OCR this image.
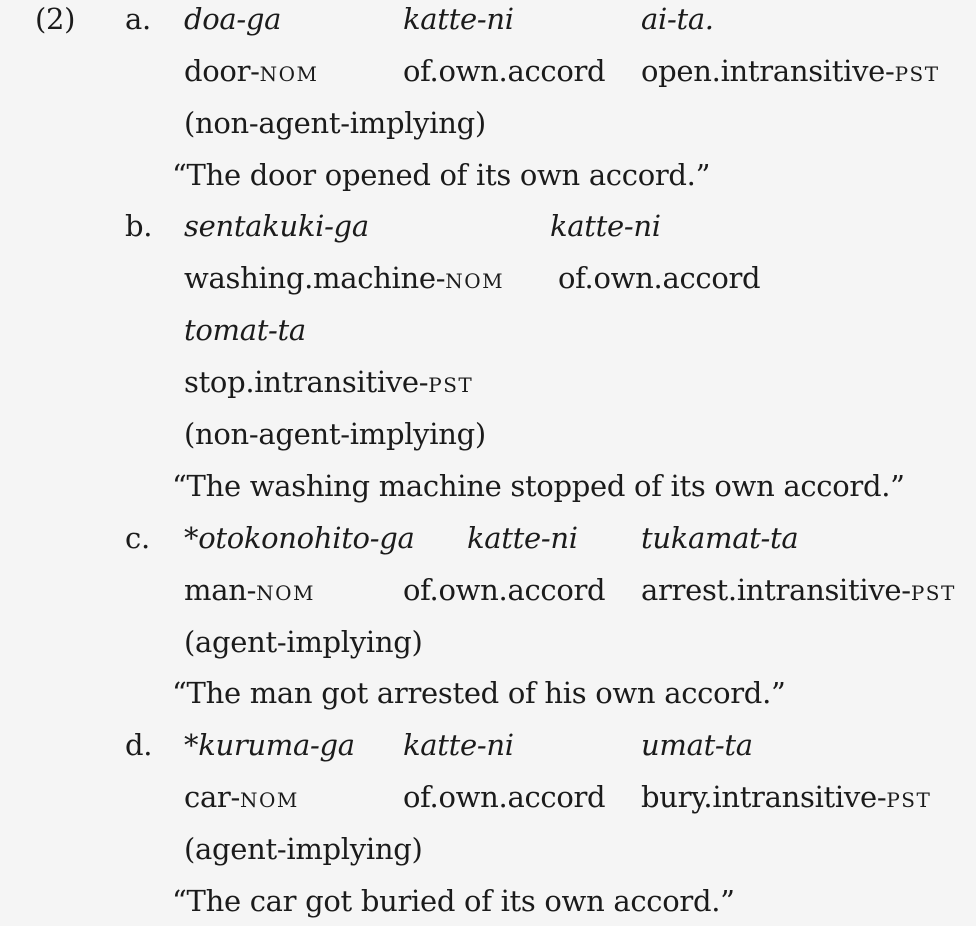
(2) a. doa-ga	katte-ni	ai-ta.
door-NOM	of.own.accord open.intransitive-PST
(non-agent-implying)
“The door opened of its own accord.”
b. sentakuki-ga	katte-ni
washing.machine-NOM of.own.accord
tomat-ta
stop.intransitive-PST
(non-agent-implying)
“The washing machine stopped of its own accord.”
c. *otokonohito-ga katte-ni tukamat-ta
man-NOM	of.own.accord arrest.intransitive-PST
(agent-implying)
“The man got arrested of his own accord.”
d. *kuruma-ga katte-ni	umat-ta
car-NOM	of.own.accord bury.intransitive-PST
(agent-implying)
“The car got buried of its own accord.”
